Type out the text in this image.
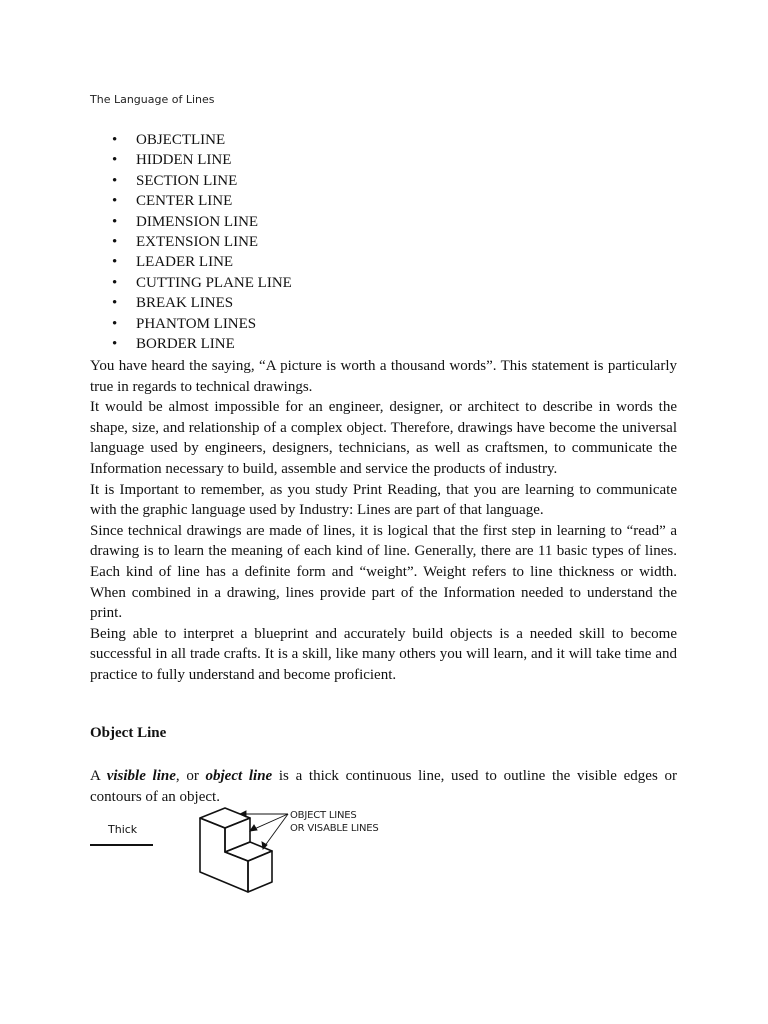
The Language of Lines
• OBJECTLINE
• HIDDEN LINE
• SECTION LINE
• CENTER LINE
• DIMENSION LINE
• EXTENSION LINE
• LEADER LINE
• CUTTING PLANE LINE
• BREAK LINES
• PHANTOM LINES
• BORDER LINE

You have heard the saying, “A picture is worth a thousand words”. This statement is particularly true in regards to technical drawings.

It would be almost impossible for an engineer, designer, or architect to describe in words the shape, size, and relationship of a complex object. Therefore, drawings have become the universal language used by engineers, designers, technicians, as well as craftsmen, to communicate the Information necessary to build, assemble and service the products of industry.

It is Important to remember, as you study Print Reading, that you are learning to communicate with the graphic language used by Industry: Lines are part of that language.

Since technical drawings are made of lines, it is logical that the first step in learning to “read” a drawing is to learn the meaning of each kind of line. Generally, there are 11 basic types of lines. Each kind of line has a definite form and “weight”. Weight refers to line thickness or width. When combined in a drawing, lines provide part of the Information needed to understand the print.

Being able to interpret a blueprint and accurately build objects is a needed skill to become successful in all trade crafts. It is a skill, like many others you will learn, and it will take time and practice to fully understand and become proficient.

Object Line

A visible line, or object line is a thick continuous line, used to outline the visible edges or contours of an object.

Thick
OBJECT LINES
OR VISABLE LINES
